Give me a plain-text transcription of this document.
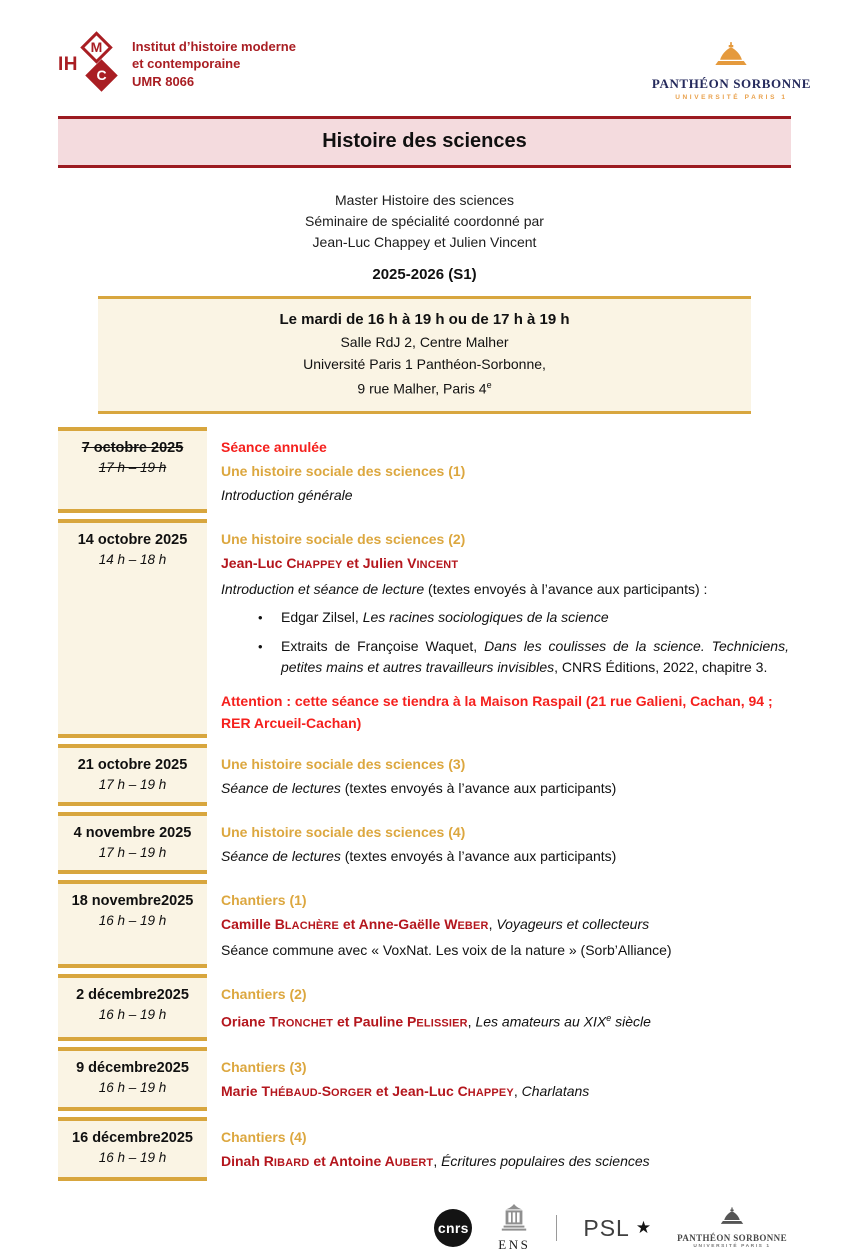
IH
M
C
Institut d’histoire moderne
et contemporaine
UMR 8066	PANTHÉON SORBONNE
UNIVERSITÉ PARIS 1
Histoire des sciences
Master Histoire des sciences
Séminaire de spécialité coordonné par
Jean-Luc Chappey et Julien Vincent
2025-2026 (S1)
Le mardi de 16 h à 19 h ou de 17 h à 19 h
Salle RdJ 2, Centre Malher
Université Paris 1 Panthéon-Sorbonne,
9 rue Malher, Paris 4e
7 octobre 2025
17 h – 19 h
Séance annulée
Une histoire sociale des sciences (1)
Introduction générale
14 octobre 2025
14 h – 18 h
Une histoire sociale des sciences (2)
Jean-Luc CHAPPEY et Julien VINCENT
Introduction et séance de lecture (textes envoyés à l’avance aux participants) :
•	Edgar Zilsel, Les racines sociologiques de la science
•	Extraits de Françoise Waquet, Dans les coulisses de la science. Techniciens, petites mains et autres travailleurs invisibles, CNRS Éditions, 2022, chapitre 3.
Attention : cette séance se tiendra à la Maison Raspail (21 rue Galieni, Cachan, 94 ; RER Arcueil-Cachan)
21 octobre 2025
17 h – 19 h
Une histoire sociale des sciences (3)
Séance de lectures (textes envoyés à l’avance aux participants)
4 novembre 2025
17 h – 19 h
Une histoire sociale des sciences (4)
Séance de lectures (textes envoyés à l’avance aux participants)
18 novembre2025
16 h – 19 h
Chantiers (1)
Camille BLACHÈRE et Anne-Gaëlle WEBER, Voyageurs et collecteurs
Séance commune avec « VoxNat. Les voix de la nature » (Sorb’Alliance)
2 décembre2025
16 h – 19 h
Chantiers (2)
Oriane TRONCHET et Pauline PELISSIER, Les amateurs au XIXe siècle
9 décembre2025
16 h – 19 h
Chantiers (3)
Marie THÉBAUD-SORGER et Jean-Luc CHAPPEY, Charlatans
16 décembre2025
16 h – 19 h
Chantiers (4)
Dinah RIBARD et Antoine AUBERT, Écritures populaires des sciences
cnrs
ENS
PSL ★
PANTHÉON SORBONNE
UNIVERSITÉ PARIS 1
